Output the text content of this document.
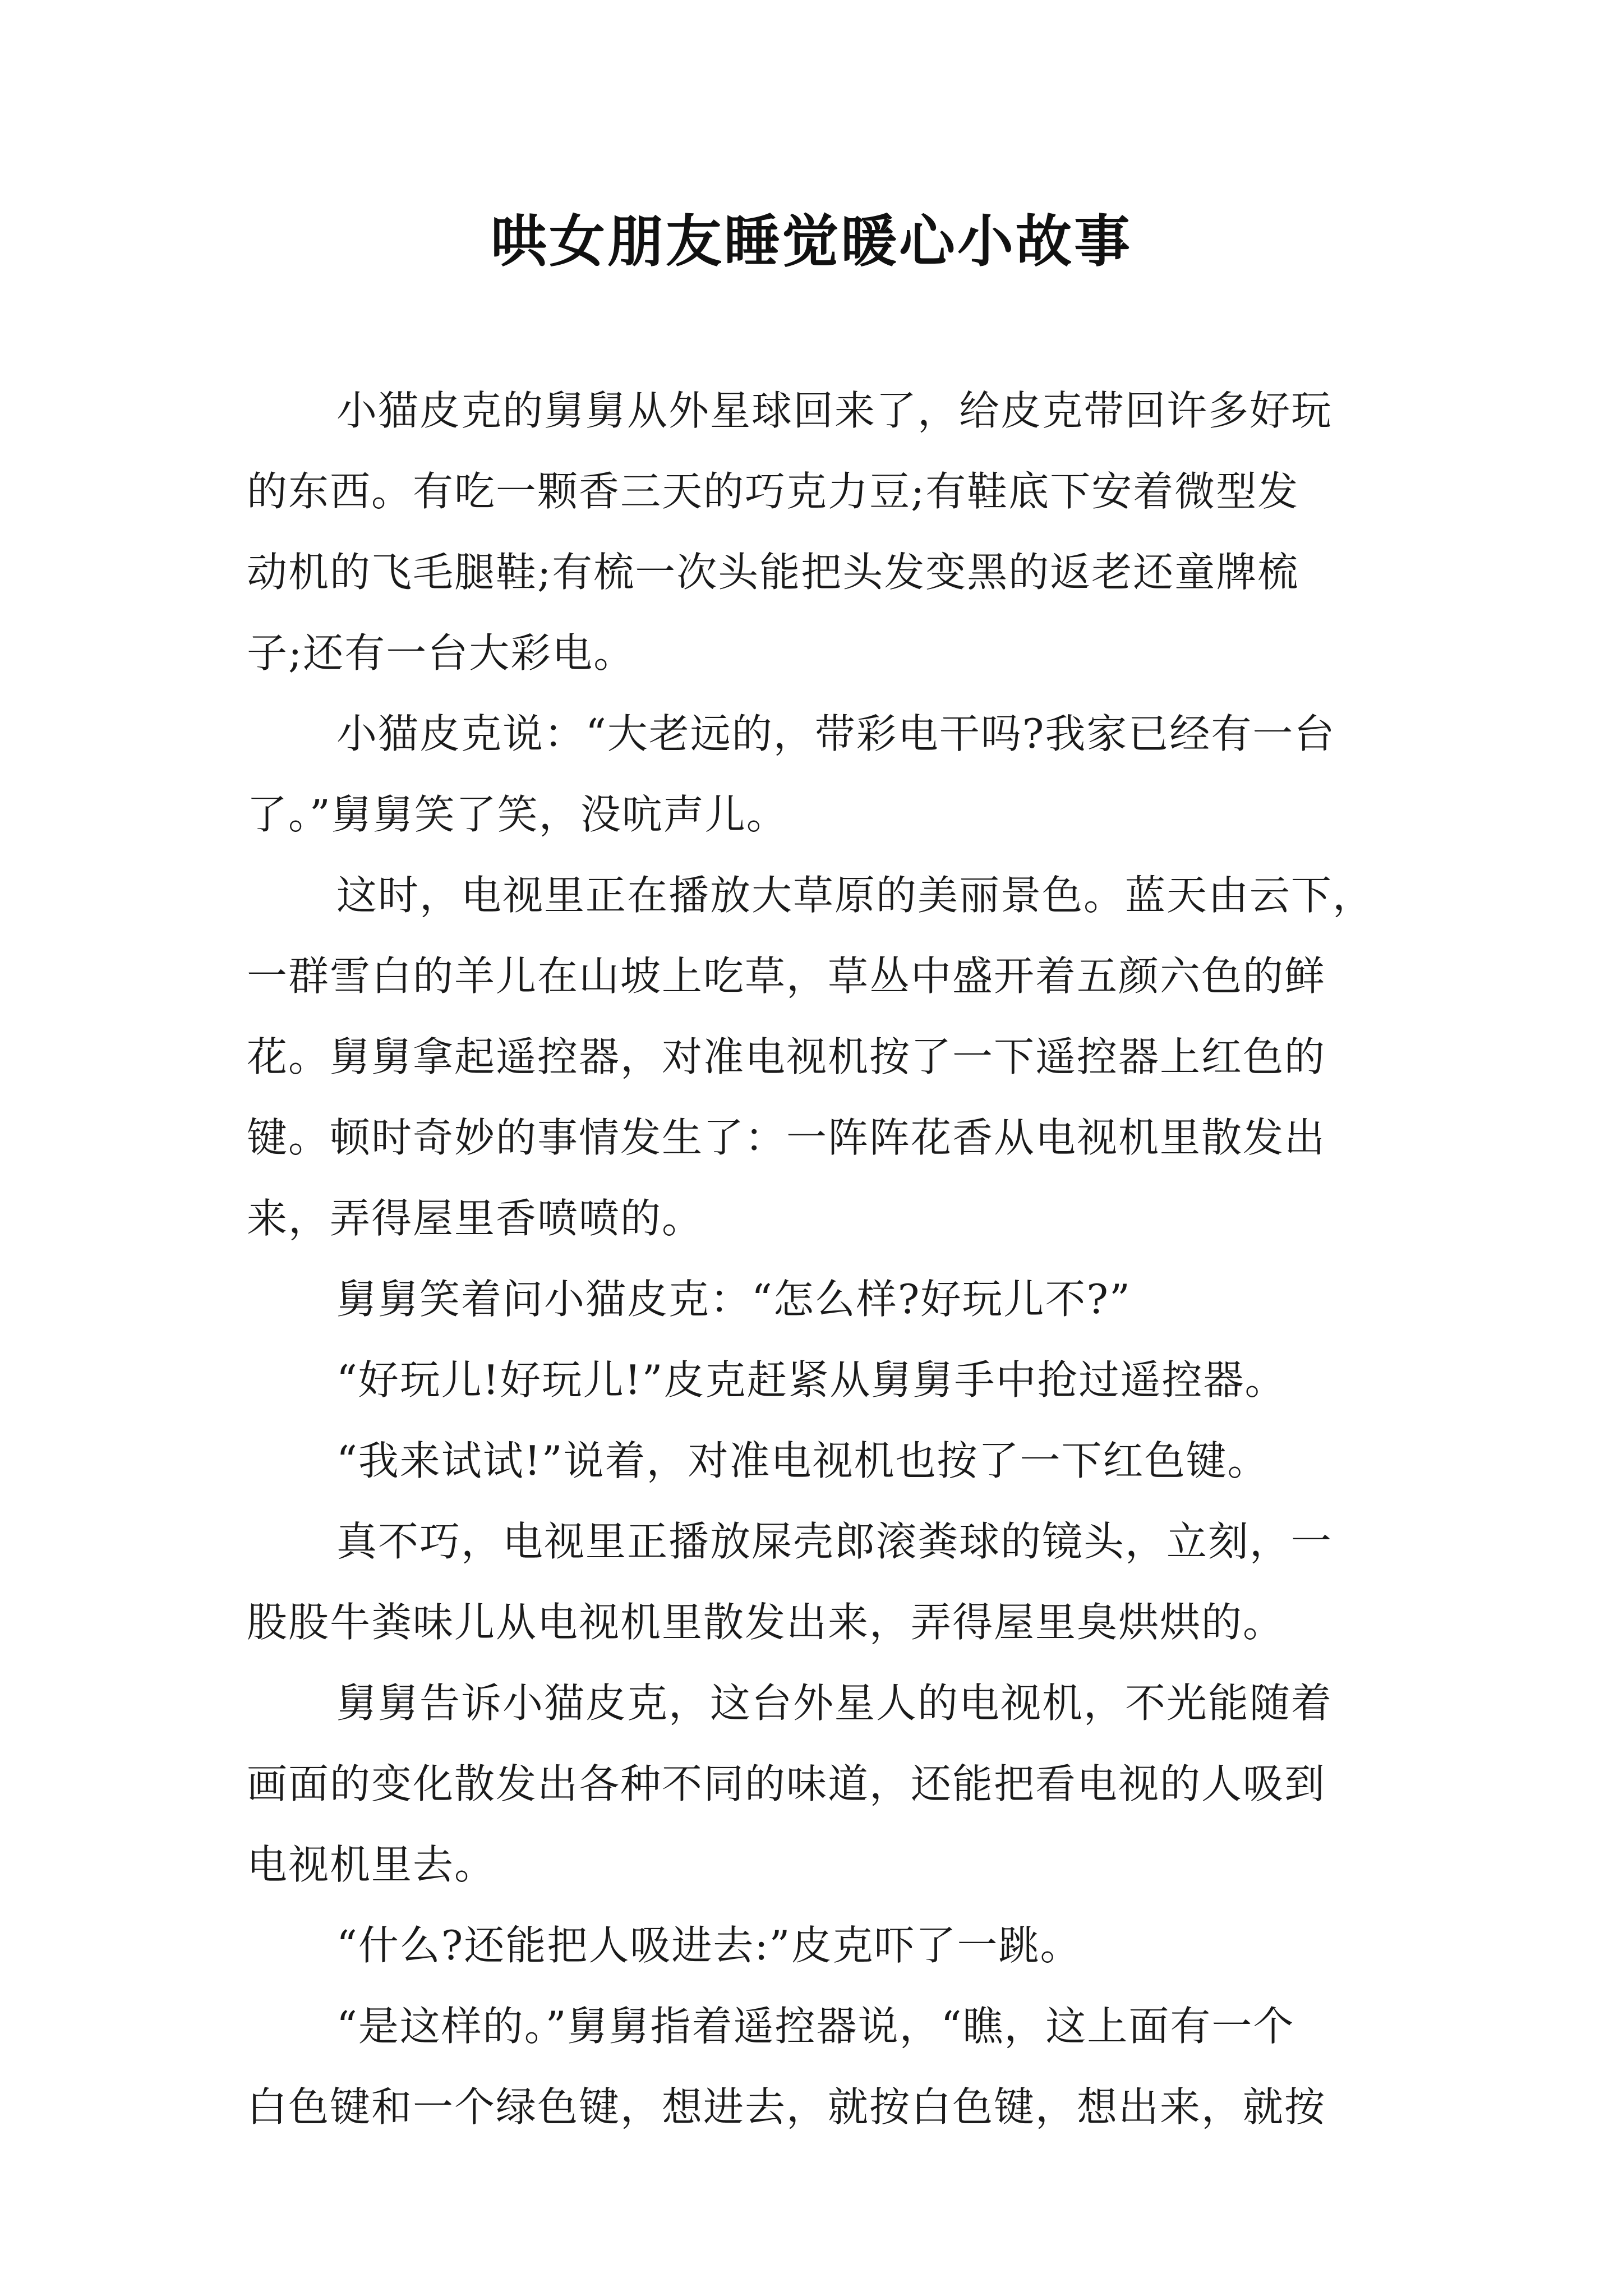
哄女朋友睡觉暖心小故事
小猫皮克的舅舅从外星球回来了，给皮克带回许多好玩
的东西。有吃一颗香三天的巧克力豆;有鞋底下安着微型发
动机的飞毛腿鞋;有梳一次头能把头发变黑的返老还童牌梳
子;还有一台大彩电。
小猫皮克说：“大老远的，带彩电干吗?我家已经有一台
了。”舅舅笑了笑，没吭声儿。
这时，电视里正在播放大草原的美丽景色。蓝天由云下，
一群雪白的羊儿在山坡上吃草，草丛中盛开着五颜六色的鲜
花。舅舅拿起遥控器，对准电视机按了一下遥控器上红色的
键。顿时奇妙的事情发生了：一阵阵花香从电视机里散发出
来，弄得屋里香喷喷的。
舅舅笑着问小猫皮克：“怎么样?好玩儿不?”
“好玩儿!好玩儿!”皮克赶紧从舅舅手中抢过遥控器。
“我来试试!”说着，对准电视机也按了一下红色键。
真不巧，电视里正播放屎壳郎滚粪球的镜头，立刻，一
股股牛粪味儿从电视机里散发出来，弄得屋里臭烘烘的。
舅舅告诉小猫皮克，这台外星人的电视机，不光能随着
画面的变化散发出各种不同的味道，还能把看电视的人吸到
电视机里去。
“什么?还能把人吸进去:”皮克吓了一跳。
“是这样的。”舅舅指着遥控器说，“瞧，这上面有一个
白色键和一个绿色键，想进去，就按白色键，想出来，就按
